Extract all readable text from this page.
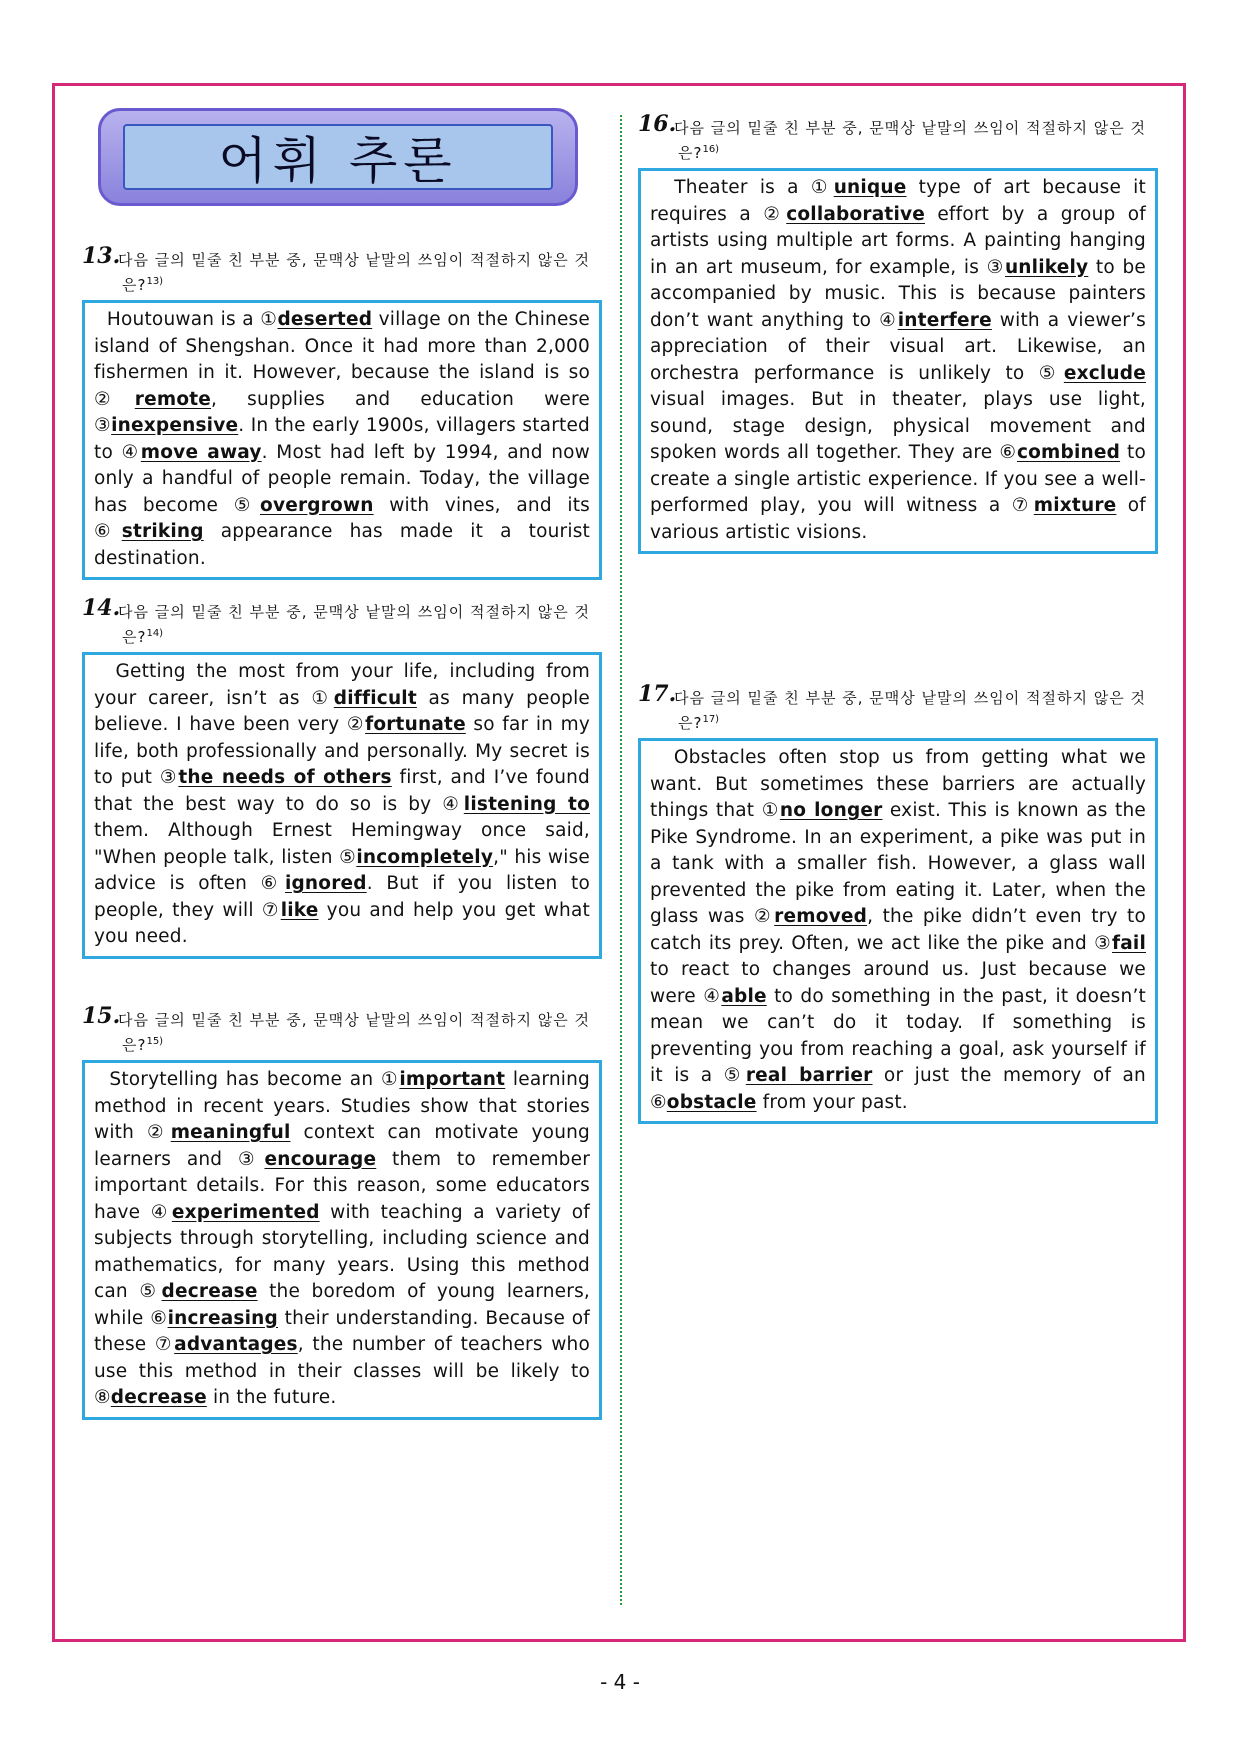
어휘 추론
13.
다음 글의 밑줄 친 부분 중, 문맥상 낱말의 쓰임이 적절하지 않은 것
은?$^{13)}$
Houtouwan is a ①deserted village on the Chinese island of Shengshan. Once it had more than 2,000 fishermen in it. However, because the island is so ②remote, supplies and education were ③inexpensive. In the early 1900s, villagers started to ④move away. Most had left by 1994, and now only a handful of people remain. Today, the village has become ⑤overgrown with vines, and its ⑥striking appearance has made it a tourist destination.
14.
다음 글의 밑줄 친 부분 중, 문맥상 낱말의 쓰임이 적절하지 않은 것
은?$^{14)}$
Getting the most from your life, including from your career, isn’t as ①difficult as many people believe. I have been very ②fortunate so far in my life, both professionally and personally. My secret is to put ③the needs of others first, and I’ve found that the best way to do so is by ④listening to them. Although Ernest Hemingway once said, "When people talk, listen ⑤incompletely," his wise advice is often ⑥ignored. But if you listen to people, they will ⑦like you and help you get what you need.
15.
다음 글의 밑줄 친 부분 중, 문맥상 낱말의 쓰임이 적절하지 않은 것
은?$^{15)}$
Storytelling has become an ①important learning method in recent years. Studies show that stories with ②meaningful context can motivate young learners and ③encourage them to remember important details. For this reason, some educators have ④experimented with teaching a variety of subjects through storytelling, including science and mathematics, for many years. Using this method can ⑤decrease the boredom of young learners, while ⑥increasing their understanding. Because of these ⑦advantages, the number of teachers who use this method in their classes will be likely to ⑧decrease in the future.
16.
다음 글의 밑줄 친 부분 중, 문맥상 낱말의 쓰임이 적절하지 않은 것
은?$^{16)}$
Theater is a ①unique type of art because it requires a ②collaborative effort by a group of artists using multiple art forms. A painting hanging in an art museum, for example, is ③unlikely to be accompanied by music. This is because painters don’t want anything to ④interfere with a viewer’s appreciation of their visual art. Likewise, an orchestra performance is unlikely to ⑤exclude visual images. But in theater, plays use light, sound, stage design, physical movement and spoken words all together. They are ⑥combined to create a single artistic experience. If you see a well-performed play, you will witness a ⑦mixture of various artistic visions.
17.
다음 글의 밑줄 친 부분 중, 문맥상 낱말의 쓰임이 적절하지 않은 것
은?$^{17)}$
Obstacles often stop us from getting what we want. But sometimes these barriers are actually things that ①no longer exist. This is known as the Pike Syndrome. In an experiment, a pike was put in a tank with a smaller fish. However, a glass wall prevented the pike from eating it. Later, when the glass was ②removed, the pike didn’t even try to catch its prey. Often, we act like the pike and ③fail to react to changes around us. Just because we were ④able to do something in the past, it doesn’t mean we can’t do it today. If something is preventing you from reaching a goal, ask yourself if it is a ⑤real barrier or just the memory of an ⑥obstacle from your past.
- 4 -
